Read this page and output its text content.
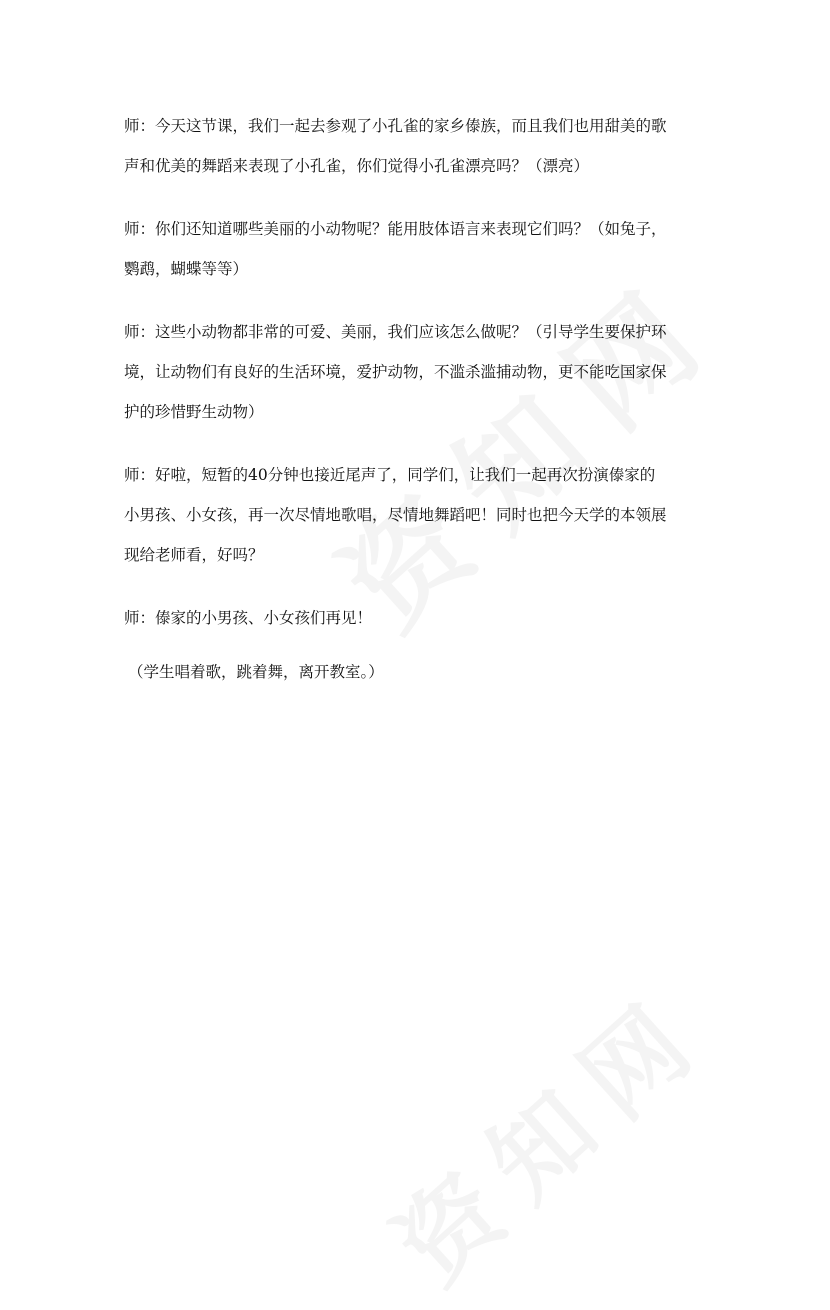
师：今天这节课，我们一起去参观了小孔雀的家乡傣族，而且我们也用甜美的歌
声和优美的舞蹈来表现了小孔雀，你们觉得小孔雀漂亮吗？（漂亮）

师：你们还知道哪些美丽的小动物呢？能用肢体语言来表现它们吗？（如兔子，
鹦鹉，蝴蝶等等）

师：这些小动物都非常的可爱、美丽，我们应该怎么做呢？（引导学生要保护环
境，让动物们有良好的生活环境，爱护动物，不滥杀滥捕动物，更不能吃国家保
护的珍惜野生动物）

师：好啦，短暂的40分钟也接近尾声了，同学们，让我们一起再次扮演傣家的
小男孩、小女孩，再一次尽情地歌唱，尽情地舞蹈吧！同时也把今天学的本领展
现给老师看，好吗？

师：傣家的小男孩、小女孩们再见！

（学生唱着歌，跳着舞，离开教室。）
